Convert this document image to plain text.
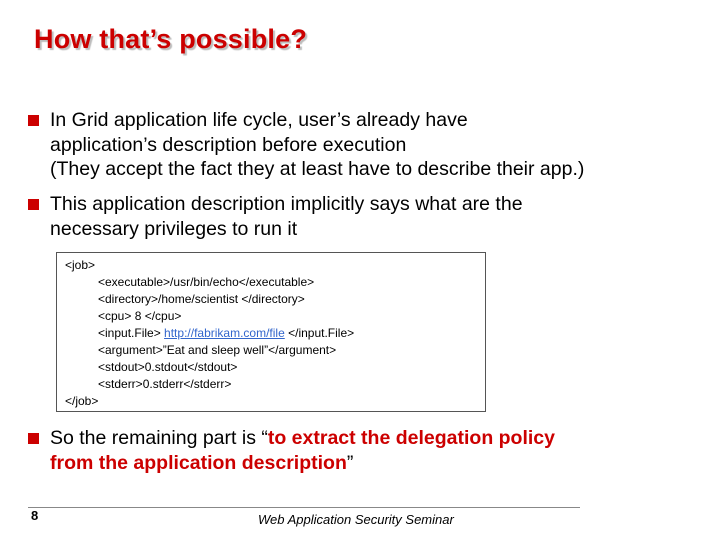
How that’s possible?
In Grid application life cycle, user’s already have
application’s description before execution
(They accept the fact they at least have to describe their app.)
This application description implicitly says what are the
necessary privileges to run it
<job>
<executable>/usr/bin/echo</executable>
<directory>/home/scientist </directory>
<cpu> 8 </cpu>
<input.File> http://fabrikam.com/file </input.File>
<argument>”Eat and sleep well”</argument>
<stdout>0.stdout</stdout>
<stderr>0.stderr</stderr>
</job>
So the remaining part is “to extract the delegation policy
from the application description”
8	Web Application Security Seminar
